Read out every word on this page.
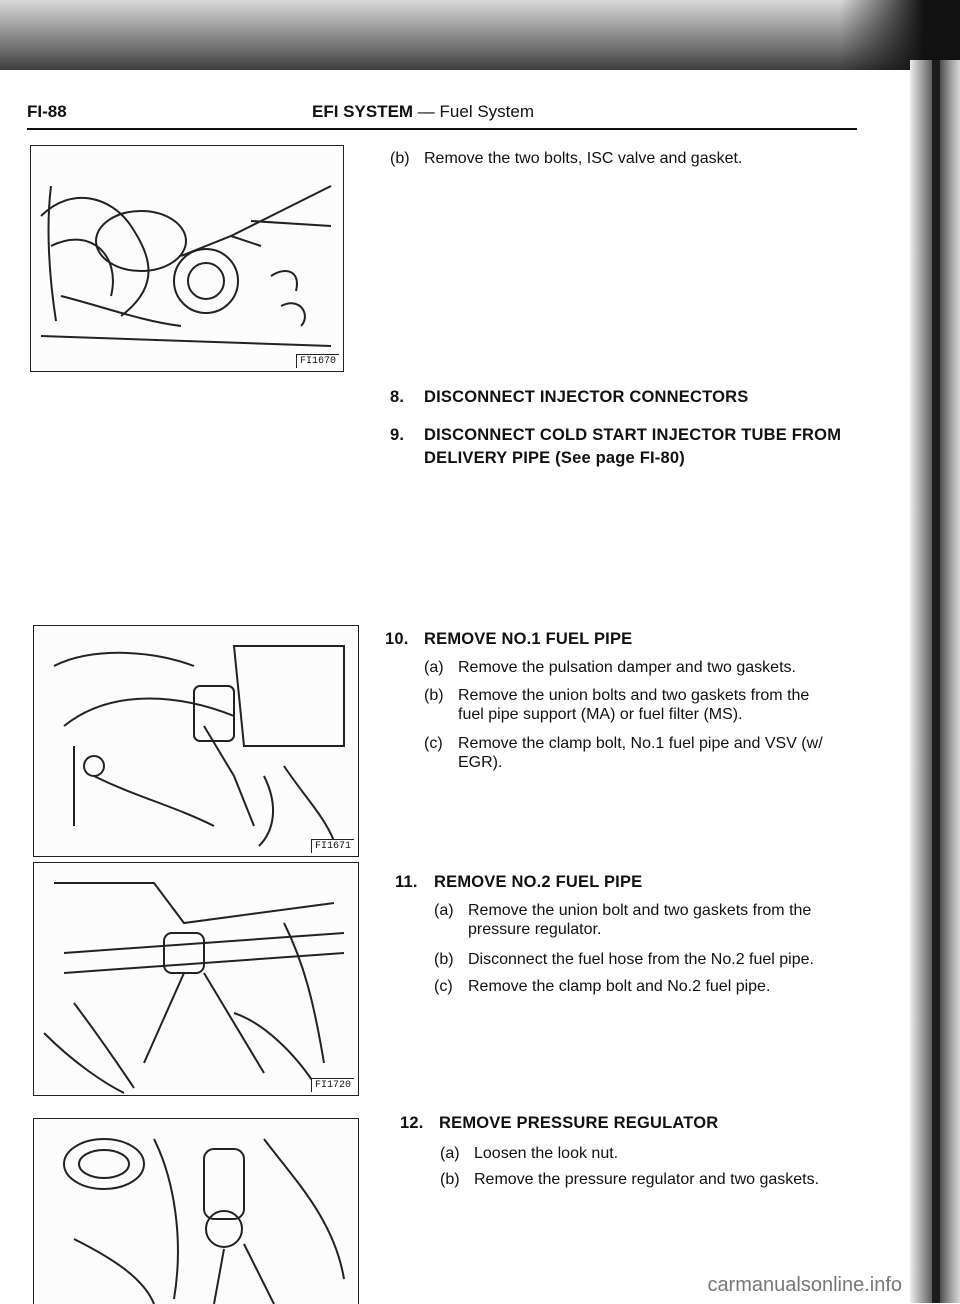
FI-88	EFI SYSTEM — Fuel System
FI1670
FI1671
FI1720
(b) Remove the two bolts, ISC valve and gasket.
8. DISCONNECT INJECTOR CONNECTORS
9. DISCONNECT COLD START INJECTOR TUBE FROM
DELIVERY PIPE (See page FI-80)
10. REMOVE NO.1 FUEL PIPE
(a) Remove the pulsation damper and two gaskets.
(b) Remove the union bolts and two gaskets from the
fuel pipe support (MA) or fuel filter (MS).
(c) Remove the clamp bolt, No.1 fuel pipe and VSV (w/
EGR).
11. REMOVE NO.2 FUEL PIPE
(a) Remove the union bolt and two gaskets from the
pressure regulator.
(b) Disconnect the fuel hose from the No.2 fuel pipe.
(c) Remove the clamp bolt and No.2 fuel pipe.
12. REMOVE PRESSURE REGULATOR
(a) Loosen the look nut.
(b) Remove the pressure regulator and two gaskets.
carmanualsonline.info
